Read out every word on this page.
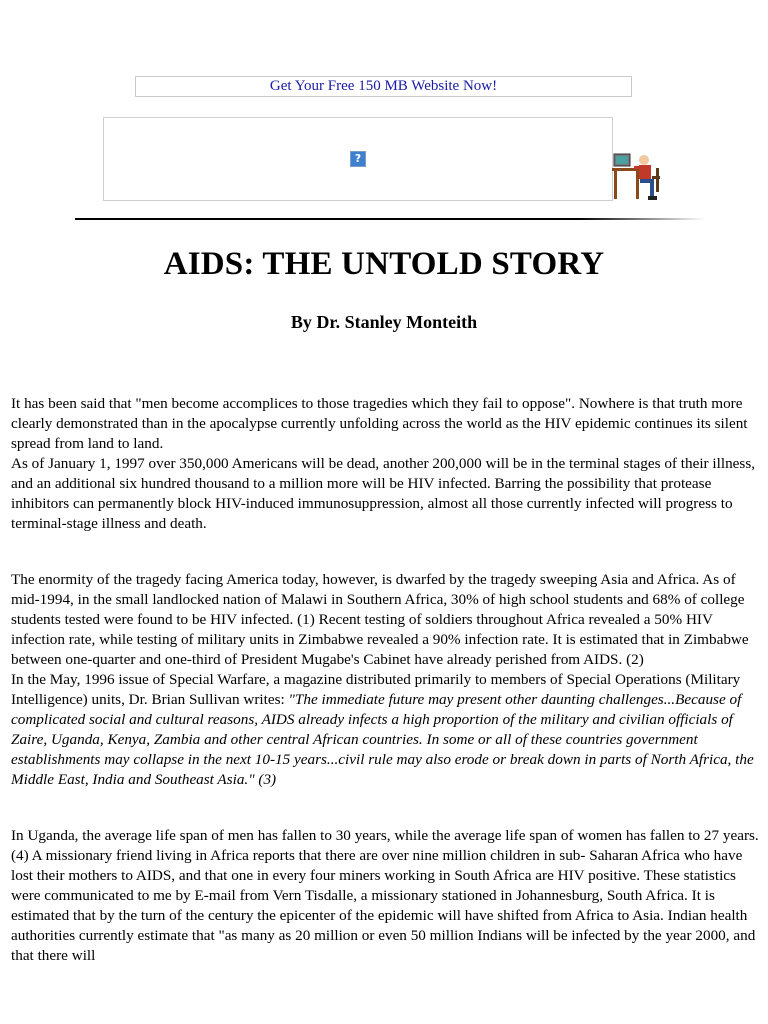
Get Your Free 150 MB Website Now!
?
AIDS: THE UNTOLD STORY
By Dr. Stanley Monteith

It has been said that "men become accomplices to those tragedies which they fail to oppose". Nowhere is that truth more clearly demonstrated than in the apocalypse currently unfolding across the world as the HIV epidemic continues its silent spread from land to land.

As of January 1, 1997 over 350,000 Americans will be dead, another 200,000 will be in the terminal stages of their illness, and an additional six hundred thousand to a million more will be HIV infected. Barring the possibility that protease inhibitors can permanently block HIV-induced immunosuppression, almost all those currently infected will progress to terminal-stage illness and death.

The enormity of the tragedy facing America today, however, is dwarfed by the tragedy sweeping Asia and Africa. As of mid-1994, in the small landlocked nation of Malawi in Southern Africa, 30% of high school students and 68% of college students tested were found to be HIV infected. (1) Recent testing of soldiers throughout Africa revealed a 50% HIV infection rate, while testing of military units in Zimbabwe revealed a 90% infection rate. It is estimated that in Zimbabwe between one-quarter and one-third of President Mugabe's Cabinet have already perished from AIDS. (2)

In the May, 1996 issue of Special Warfare, a magazine distributed primarily to members of Special Operations (Military Intelligence) units, Dr. Brian Sullivan writes: "The immediate future may present other daunting challenges...Because of complicated social and cultural reasons, AIDS already infects a high proportion of the military and civilian officials of Zaire, Uganda, Kenya, Zambia and other central African countries. In some or all of these countries government establishments may collapse in the next 10-15 years...civil rule may also erode or break down in parts of North Africa, the Middle East, India and Southeast Asia." (3)

In Uganda, the average life span of men has fallen to 30 years, while the average life span of women has fallen to 27 years. (4) A missionary friend living in Africa reports that there are over nine million children in sub- Saharan Africa who have lost their mothers to AIDS, and that one in every four miners working in South Africa are HIV positive. These statistics were communicated to me by E-mail from Vern Tisdalle, a missionary stationed in Johannesburg, South Africa. It is estimated that by the turn of the century the epicenter of the epidemic will have shifted from Africa to Asia. Indian health authorities currently estimate that "as many as 20 million or even 50 million Indians will be infected by the year 2000, and that there will
